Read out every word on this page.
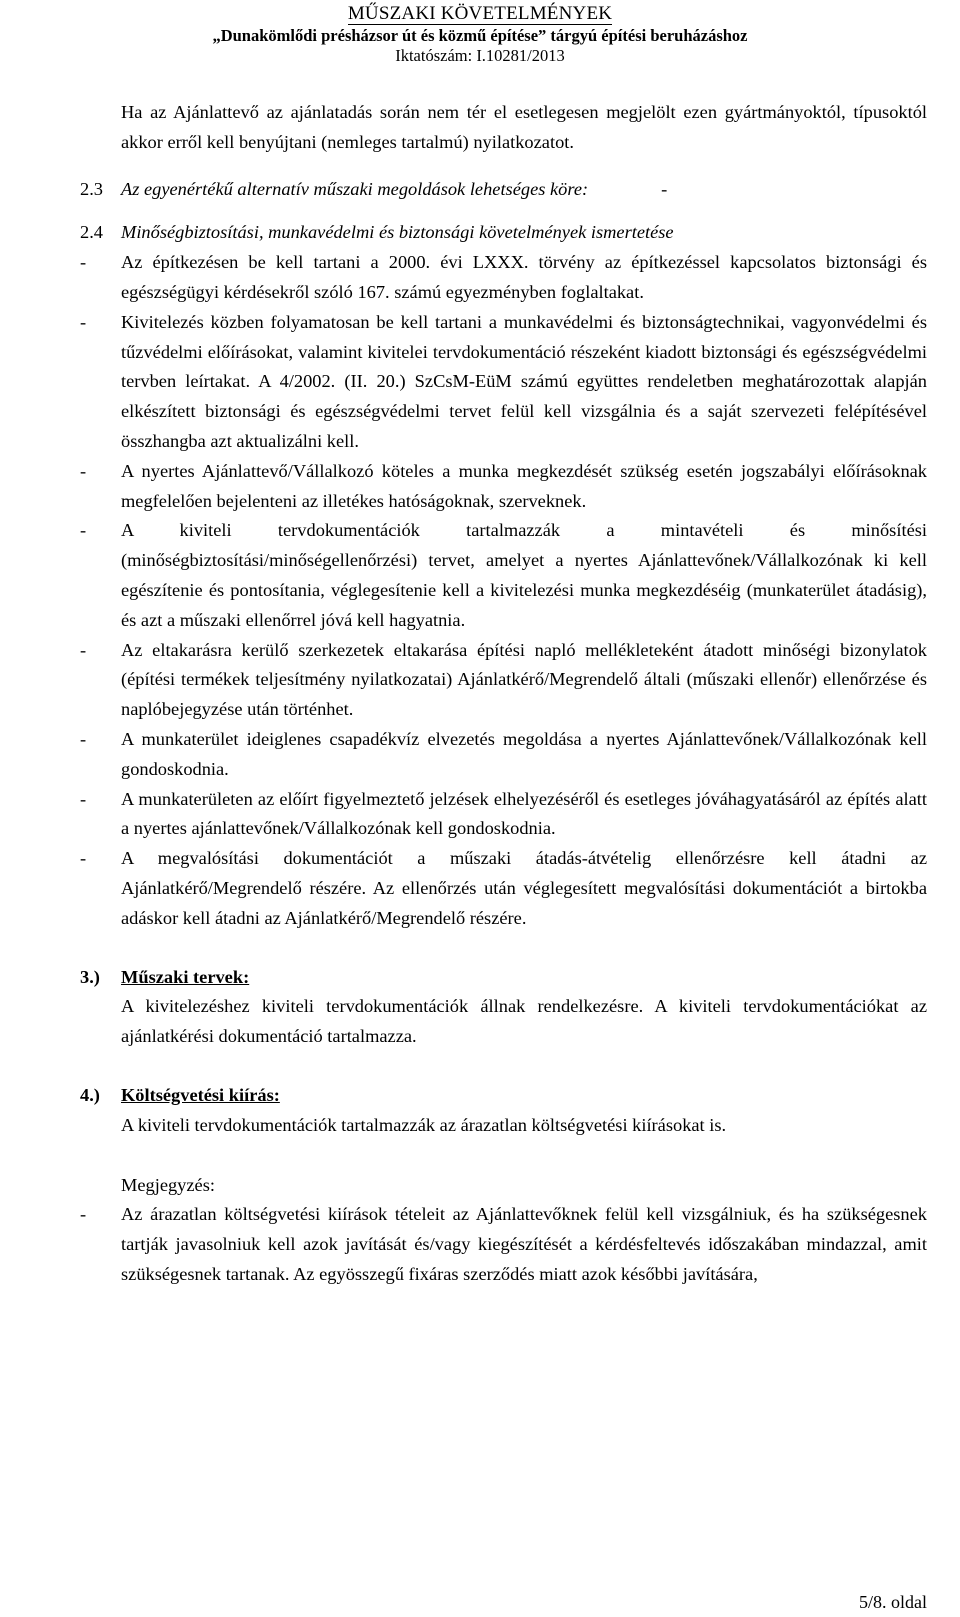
MŰSZAKI KÖVETELMÉNYEK
„Dunakömlődi présházsor út és közmű építése” tárgyú építési beruházáshoz
Iktatószám: I.10281/2013

Ha az Ajánlattevő az ajánlatadás során nem tér el esetlegesen megjelölt ezen gyártmányoktól, típusoktól akkor erről kell benyújtani (nemleges tartalmú) nyilatkozatot.

2.3 Az egyenértékű alternatív műszaki megoldások lehetséges köre:	-
2.4 Minőségbiztosítási, munkavédelmi és biztonsági követelmények ismertetése
-	Az építkezésen be kell tartani a 2000. évi LXXX. törvény az építkezéssel kapcsolatos biztonsági és egészségügyi kérdésekről szóló 167. számú egyezményben foglaltakat.
-	Kivitelezés közben folyamatosan be kell tartani a munkavédelmi és biztonságtechnikai, vagyonvédelmi és tűzvédelmi előírásokat, valamint kivitelei tervdokumentáció részeként kiadott biztonsági és egészségvédelmi tervben leírtakat. A 4/2002. (II. 20.) SzCsM-EüM számú együttes rendeletben meghatározottak alapján elkészített biztonsági és egészségvédelmi tervet felül kell vizsgálnia és a saját szervezeti felépítésével összhangba azt aktualizálni kell.
-	A nyertes Ajánlattevő/Vállalkozó köteles a munka megkezdését szükség esetén jogszabályi előírásoknak megfelelően bejelenteni az illetékes hatóságoknak, szerveknek.
-	A kiviteli tervdokumentációk tartalmazzák a mintavételi és minősítési (minőségbiztosítási/minőségellenőrzési) tervet, amelyet a nyertes Ajánlattevőnek/Vállalkozónak ki kell egészítenie és pontosítania, véglegesítenie kell a kivitelezési munka megkezdéséig (munkaterület átadásig), és azt a műszaki ellenőrrel jóvá kell hagyatnia.
-	Az eltakarásra kerülő szerkezetek eltakarása építési napló mellékleteként átadott minőségi bizonylatok (építési termékek teljesítmény nyilatkozatai) Ajánlatkérő/Megrendelő általi (műszaki ellenőr) ellenőrzése és naplóbejegyzése után történhet.
-	A munkaterület ideiglenes csapadékvíz elvezetés megoldása a nyertes Ajánlattevőnek/Vállalkozónak kell gondoskodnia.
-	A munkaterületen az előírt figyelmeztető jelzések elhelyezéséről és esetleges jóváhagyatásáról az építés alatt a nyertes ajánlattevőnek/Vállalkozónak kell gondoskodnia.
-	A megvalósítási dokumentációt a műszaki átadás-átvételig ellenőrzésre kell átadni az Ajánlatkérő/Megrendelő részére. Az ellenőrzés után véglegesített megvalósítási dokumentációt a birtokba adáskor kell átadni az Ajánlatkérő/Megrendelő részére.
3.)	Műszaki tervek:

A kivitelezéshez kiviteli tervdokumentációk állnak rendelkezésre. A kiviteli tervdokumentációkat az ajánlatkérési dokumentáció tartalmazza.

4.)	Költségvetési kiírás:

A kiviteli tervdokumentációk tartalmazzák az árazatlan költségvetési kiírásokat is.

Megjegyzés:

-	Az árazatlan költségvetési kiírások tételeit az Ajánlattevőknek felül kell vizsgálniuk, és ha szükségesnek tartják javasolniuk kell azok javítását és/vagy kiegészítését a kérdésfeltevés időszakában mindazzal, amit szükségesnek tartanak. Az egyösszegű fixáras szerződés miatt azok későbbi javítására,
5/8. oldal
